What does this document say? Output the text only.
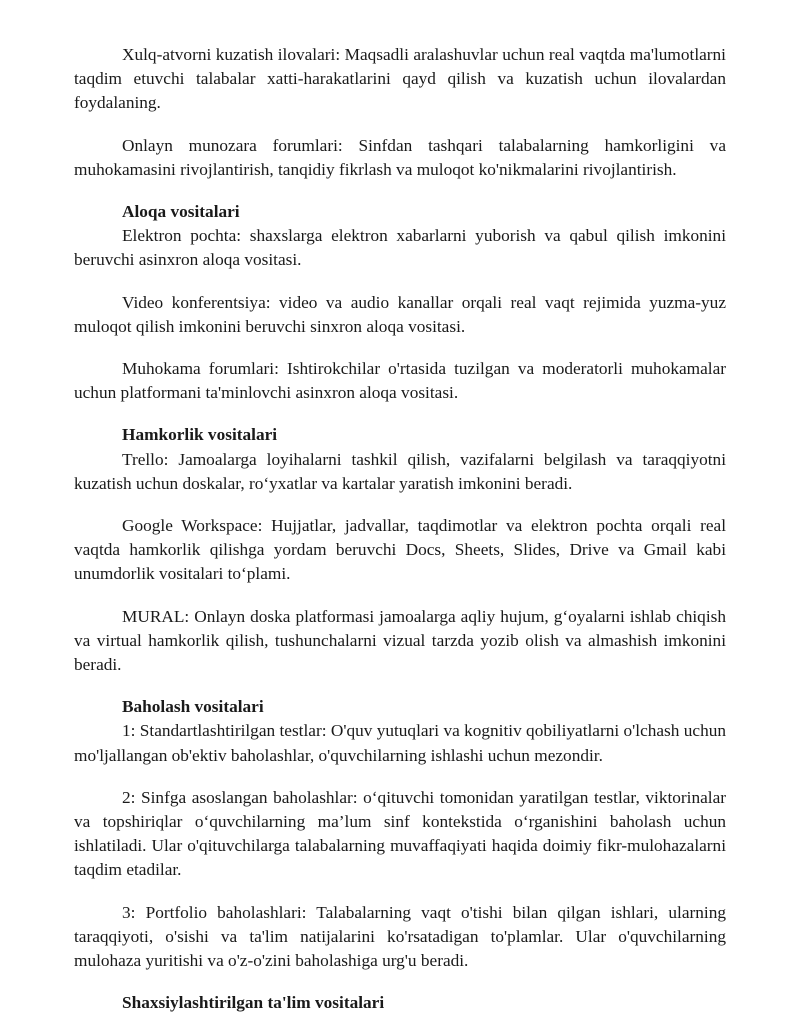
Xulq-atvorni kuzatish ilovalari: Maqsadli aralashuvlar uchun real vaqtda ma'lumotlarni taqdim etuvchi talabalar xatti-harakatlarini qayd qilish va kuzatish uchun ilovalardan foydalaning.

Onlayn munozara forumlari: Sinfdan tashqari talabalarning hamkorligini va muhokamasini rivojlantirish, tanqidiy fikrlash va muloqot ko'nikmalarini rivojlantirish.

Aloqa vositalari

Elektron pochta: shaxslarga elektron xabarlarni yuborish va qabul qilish imkonini beruvchi asinxron aloqa vositasi.

Video konferentsiya: video va audio kanallar orqali real vaqt rejimida yuzma-yuz muloqot qilish imkonini beruvchi sinxron aloqa vositasi.

Muhokama forumlari: Ishtirokchilar o'rtasida tuzilgan va moderatorli muhokamalar uchun platformani ta'minlovchi asinxron aloqa vositasi.

Hamkorlik vositalari

Trello: Jamoalarga loyihalarni tashkil qilish, vazifalarni belgilash va taraqqiyotni kuzatish uchun doskalar, ro‘yxatlar va kartalar yaratish imkonini beradi.

Google Workspace: Hujjatlar, jadvallar, taqdimotlar va elektron pochta orqali real vaqtda hamkorlik qilishga yordam beruvchi Docs, Sheets, Slides, Drive va Gmail kabi unumdorlik vositalari to‘plami.

MURAL: Onlayn doska platformasi jamoalarga aqliy hujum, g‘oyalarni ishlab chiqish va virtual hamkorlik qilish, tushunchalarni vizual tarzda yozib olish va almashish imkonini beradi.

Baholash vositalari

1: Standartlashtirilgan testlar: O'quv yutuqlari va kognitiv qobiliyatlarni o'lchash uchun mo'ljallangan ob'ektiv baholashlar, o'quvchilarning ishlashi uchun mezondir.

2: Sinfga asoslangan baholashlar: o‘qituvchi tomonidan yaratilgan testlar, viktorinalar va topshiriqlar o‘quvchilarning ma’lum sinf kontekstida o‘rganishini baholash uchun ishlatiladi. Ular o'qituvchilarga talabalarning muvaffaqiyati haqida doimiy fikr-mulohazalarni taqdim etadilar.

3: Portfolio baholashlari: Talabalarning vaqt o'tishi bilan qilgan ishlari, ularning taraqqiyoti, o'sishi va ta'lim natijalarini ko'rsatadigan to'plamlar. Ular o'quvchilarning mulohaza yuritishi va o'z-o'zini baholashiga urg'u beradi.

Shaxsiylashtirilgan ta'lim vositalari
